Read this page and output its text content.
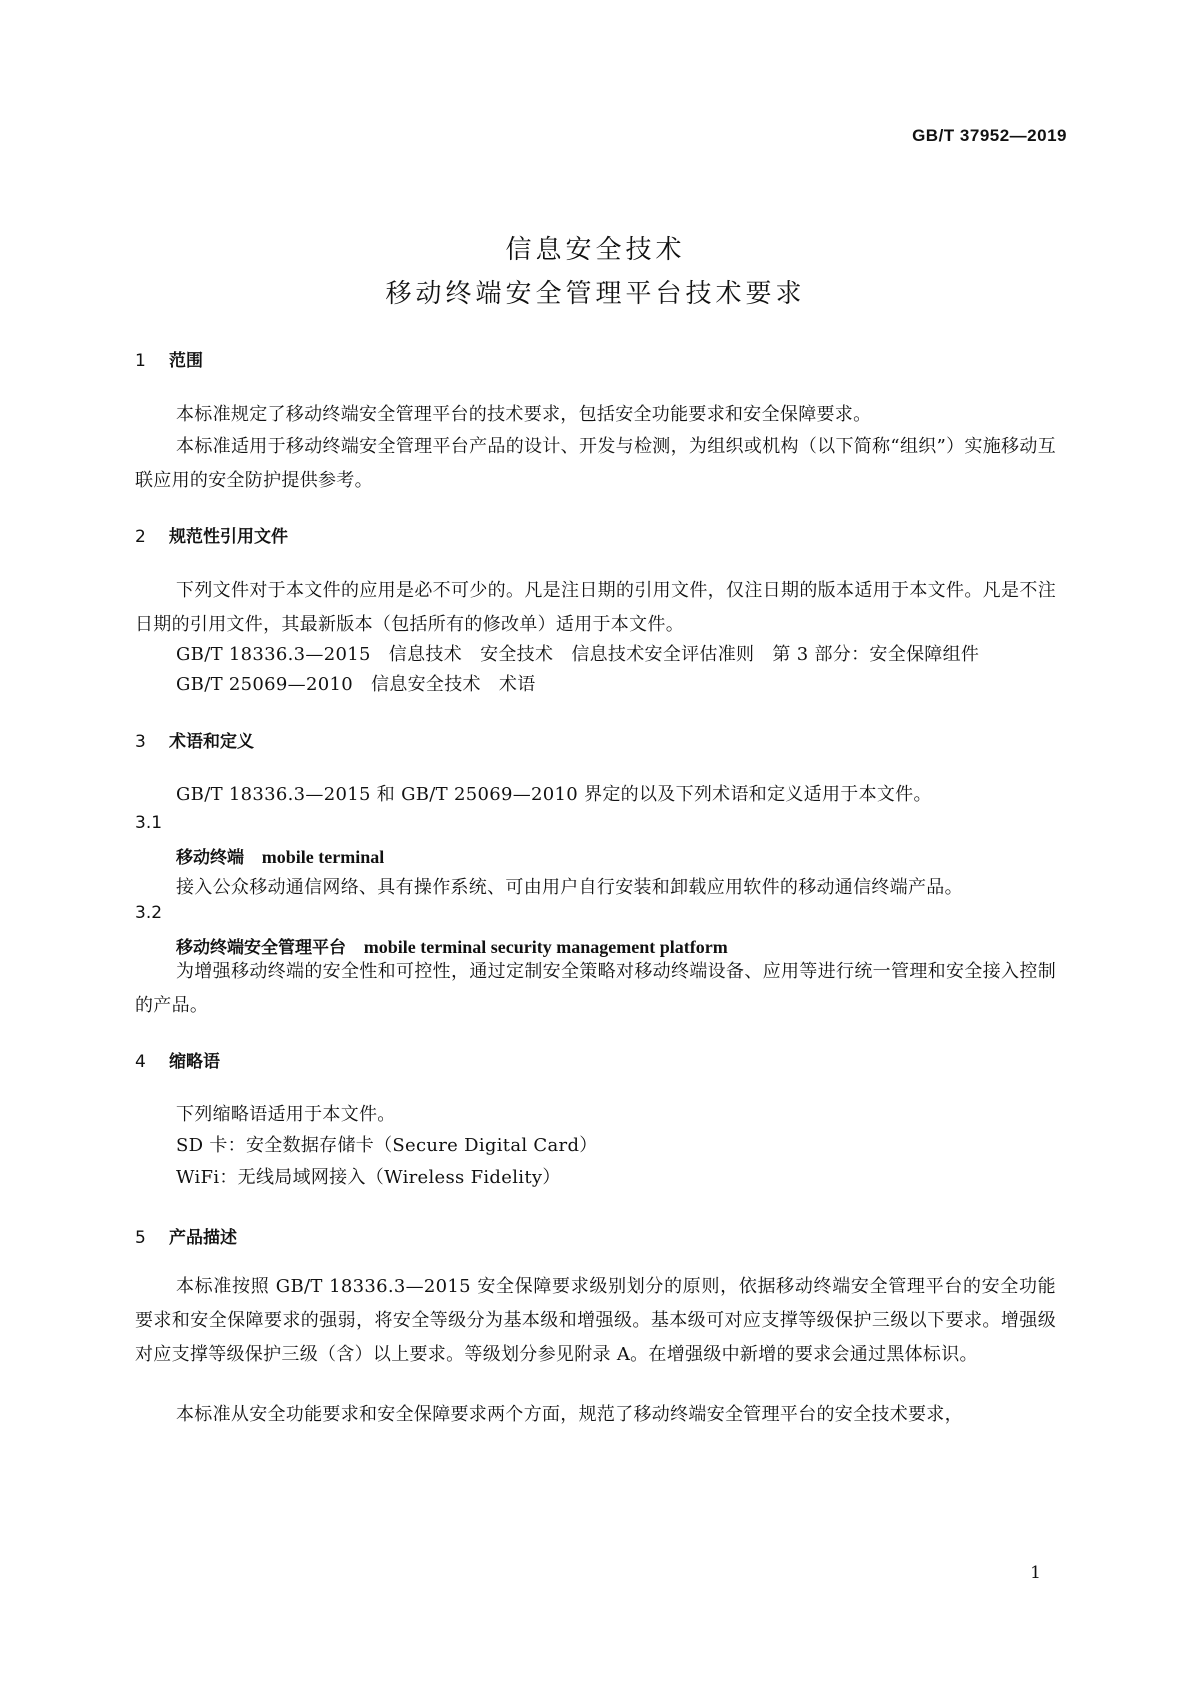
GB/T 37952—2019
信息安全技术
移动终端安全管理平台技术要求
1 范围
本标准规定了移动终端安全管理平台的技术要求，包括安全功能要求和安全保障要求。
本标准适用于移动终端安全管理平台产品的设计、开发与检测，为组织或机构（以下简称“组织”）实施移动互联应用的安全防护提供参考。
2 规范性引用文件
下列文件对于本文件的应用是必不可少的。凡是注日期的引用文件，仅注日期的版本适用于本文件。凡是不注日期的引用文件，其最新版本（包括所有的修改单）适用于本文件。
GB/T 18336.3—2015   信息技术   安全技术   信息技术安全评估准则   第 3 部分：安全保障组件
GB/T 25069—2010   信息安全技术   术语
3 术语和定义
GB/T 18336.3—2015 和 GB/T 25069—2010 界定的以及下列术语和定义适用于本文件。
3.1
移动终端 mobile terminal
接入公众移动通信网络、具有操作系统、可由用户自行安装和卸载应用软件的移动通信终端产品。
3.2
移动终端安全管理平台 mobile terminal security management platform
为增强移动终端的安全性和可控性，通过定制安全策略对移动终端设备、应用等进行统一管理和安全接入控制的产品。
4 缩略语
下列缩略语适用于本文件。
SD 卡：安全数据存储卡（Secure Digital Card）
WiFi：无线局域网接入（Wireless Fidelity）
5 产品描述
本标准按照 GB/T 18336.3—2015 安全保障要求级别划分的原则，依据移动终端安全管理平台的安全功能要求和安全保障要求的强弱，将安全等级分为基本级和增强级。基本级可对应支撑等级保护三级以下要求。增强级对应支撑等级保护三级（含）以上要求。等级划分参见附录 A。在增强级中新增的要求会通过黑体标识。
本标准从安全功能要求和安全保障要求两个方面，规范了移动终端安全管理平台的安全技术要求，
1
